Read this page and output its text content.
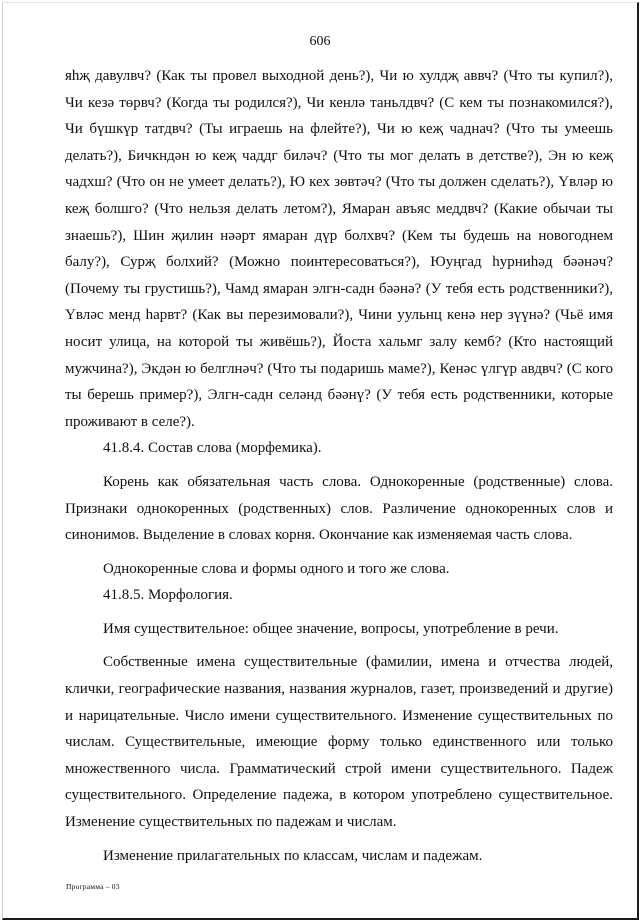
606

яһҗ давулвч? (Как ты провел выходной день?), Чи ю хулдҗ аввч? (Что ты купил?), Чи кезә төрвч? (Когда ты родился?), Чи кенлә таньлдвч? (С кем ты познакомился?), Чи бүшкүр татдвч? (Ты играешь на флейте?), Чи ю кеҗ чаднач? (Что ты умеешь делать?), Бичкндән ю кеҗ чаддг биләч? (Что ты мог делать в детстве?), Эн ю кеҗ чадхш? (Что он не умеет делать?), Ю кех зөвтәч? (Что ты должен сделать?), Үвләр ю кеҗ болшго? (Что нельзя делать летом?), Ямаран авъяс меддвч? (Какие обычаи ты знаешь?), Шин җилин нәәрт ямаран дүр болхвч? (Кем ты будешь на новогоднем балу?), Сурҗ болхий? (Можно поинтересоваться?), Юуңгад һурниһәд бәәнәч? (Почему ты грустишь?), Чамд ямаран элгн-садн бәәнә? (У тебя есть родственники?), Үвләс менд һарвт? (Как вы перезимовали?), Чини уульнц кенә нер зүүнә? (Чьё имя носит улица, на которой ты живёшь?), Йоста хальмг залу кемб? (Кто настоящий мужчина?), Экдән ю белглнәч? (Что ты подаришь маме?), Кенәс үлгүр авдвч? (С кого ты берешь пример?), Элгн-садн селәнд бәәнү? (У тебя есть родственники, которые проживают в селе?).

41.8.4. Состав слова (морфемика).

Корень как обязательная часть слова. Однокоренные (родственные) слова. Признаки однокоренных (родственных) слов. Различение однокоренных слов и синонимов. Выделение в словах корня. Окончание как изменяемая часть слова.

Однокоренные слова и формы одного и того же слова.

41.8.5. Морфология.

Имя существительное: общее значение, вопросы, употребление в речи.

Собственные имена существительные (фамилии, имена и отчества людей, клички, географические названия, названия журналов, газет, произведений и другие) и нарицательные. Число имени существительного. Изменение существительных по числам. Существительные, имеющие форму только единственного или только множественного числа. Грамматический строй имени существительного. Падеж существительного. Определение падежа, в котором употреблено существительное. Изменение существительных по падежам и числам.

Изменение прилагательных по классам, числам и падежам.

Программа – 03
